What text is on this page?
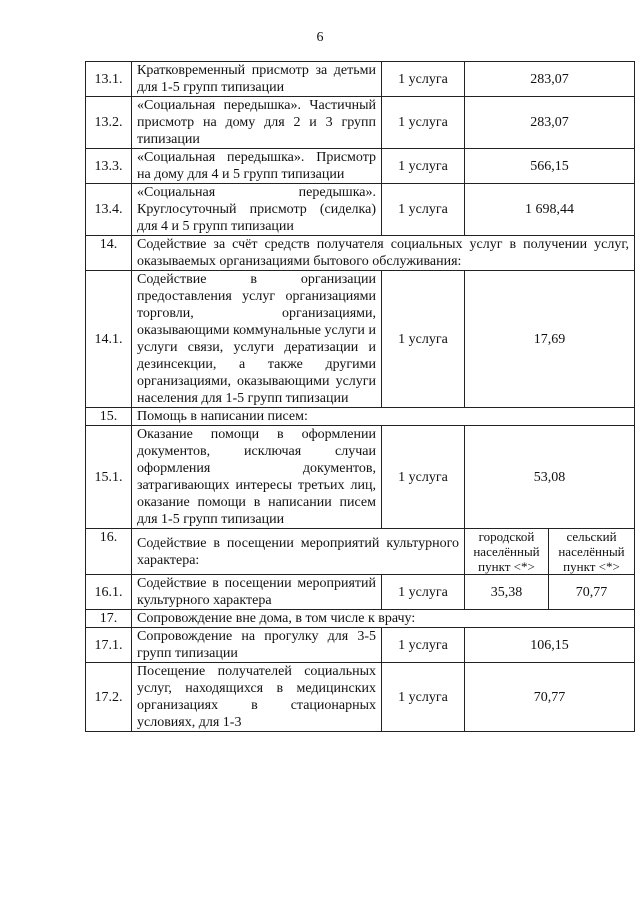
6
13.1.	Кратковременный присмотр за детьми для 1-5 групп типизации	1 услуга	283,07	
13.2.	«Социальная передышка». Частичный присмотр на дому для 2 и 3 групп типизации	1 услуга	283,07	
13.3.	«Социальная передышка». Присмотр на дому для 4 и 5 групп типизации	1 услуга	566,15	
13.4.	«Социальная передышка». Круглосуточный присмотр (сиделка) для 4 и 5 групп типизации	1 услуга	1 698,44	
14.	Содействие за счёт средств получателя социальных услуг в получении услуг, оказываемых организациями бытового обслуживания:			
14.1.	Содействие в организации предоставления услуг организациями торговли, организациями, оказывающими коммунальные услуги и услуги связи, услуги дератизации и дезинсекции, а также другими организациями, оказывающими услуги населения для 1-5 групп типизации	1 услуга	17,69	
15.	Помощь в написании писем:			
15.1.	Оказание помощи в оформлении документов, исключая случаи оформления документов, затрагивающих интересы третьих лиц, оказание помощи в написании писем для 1-5 групп типизации	1 услуга	53,08	
16.	Содействие в посещении мероприятий культурного характера:		городской
населённый
пункт <*>	сельский
населённый
пункт <*>
16.1.	Содействие в посещении мероприятий культурного характера	1 услуга	35,38	70,77
17.	Сопровождение вне дома, в том числе к врачу:			
17.1.	Сопровождение на прогулку для 3-5 групп типизации	1 услуга	106,15	
17.2.	Посещение получателей социальных услуг, находящихся в медицинских организациях в стационарных условиях, для 1-3	1 услуга	70,77	
